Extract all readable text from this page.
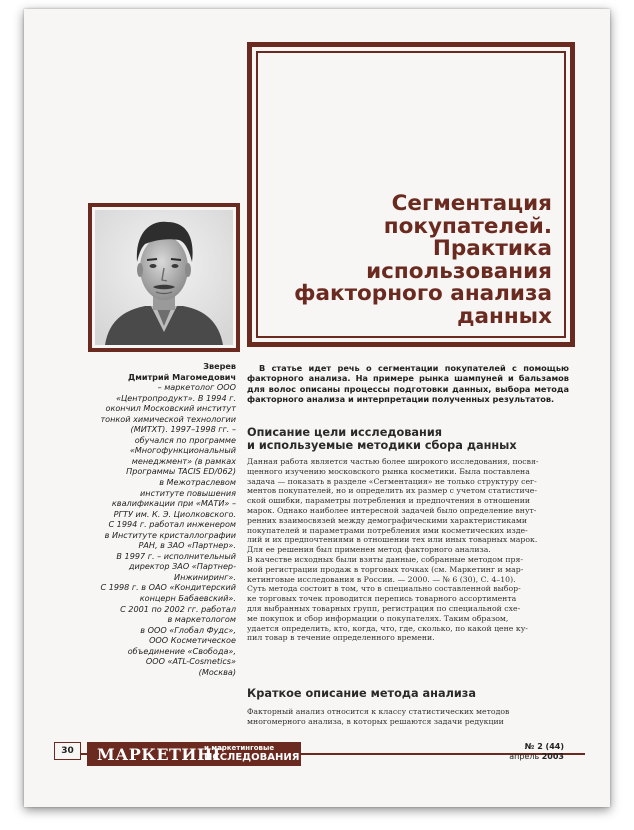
Сегментация
покупателей.
Практика
использования
факторного анализа
данных
Зверев
Дмитрий Магомедович
– маркетолог ООО
«Центропродукт». В 1994 г.
окончил Московский институт
тонкой химической технологии
(МИТХТ). 1997–1998 гг. –
обучался по программе
«Многофункциональный
менеджмент» (в рамках
Программы TACIS ED/062)
в Межотраслевом
институте повышения
квалификации при «МАТИ» –
РГТУ им. К. Э. Циолковского.
С 1994 г. работал инженером
в Институте кристаллографии
РАН, в ЗАО «Партнер».
В 1997 г. – исполнительный
директор ЗАО «Партнер-
Инжиниринг».
С 1998 г. в ОАО «Кондитерский
концерн Бабаевский».
С 2001 по 2002 гг. работал
в маркетологом
в ООО «Глобал Фудс»,
ООО Косметическое
объединение «Свобода»,
ООО «ATL-Cosmetics»
(Москва)
В статье идет речь о сегментации покупателей с помощью факторного анализа. На примере рынка шампуней и бальзамов для волос описаны процессы подготовки данных, выбора метода факторного анализа и интерпретации полученных результатов.
Описание цели исследования
и используемые методики сбора данных
Данная работа является частью более широкого исследования, посвя-
щенного изучению московского рынка косметики. Была поставлена
задача — показать в разделе «Сегментация» не только структуру сег-
ментов покупателей, но и определить их размер с учетом статистиче-
ской ошибки, параметры потребления и предпочтения в отношении
марок. Однако наиболее интересной задачей было определение внут-
ренних взаимосвязей между демографическими характеристиками
покупателей и параметрами потребления ими косметических изде-
лий и их предпочтениями в отношении тех или иных товарных марок.
Для ее решения был применен метод факторного анализа.
В качестве исходных были взяты данные, собранные методом пря-
мой регистрации продаж в торговых точках (см. Маркетинг и мар-
кетинговые исследования в России. — 2000. — № 6 (30), С. 4–10).
Суть метода состоит в том, что в специально составленной выбор-
ке торговых точек проводится перепись товарного ассортимента
для выбранных товарных групп, регистрация по специальной схе-
ме покупок и сбор информации о покупателях. Таким образом,
удается определить, кто, когда, что, где, сколько, по какой цене ку-
пил товар в течение определенного времени.
Краткое описание метода анализа
Факторный анализ относится к классу статистических методов
многомерного анализа, в которых решаются задачи редукции
30	МАРКЕТИНГ
и маркетинговые
ИССЛЕДОВАНИЯ
№ 2 (44)
апрель 2003
